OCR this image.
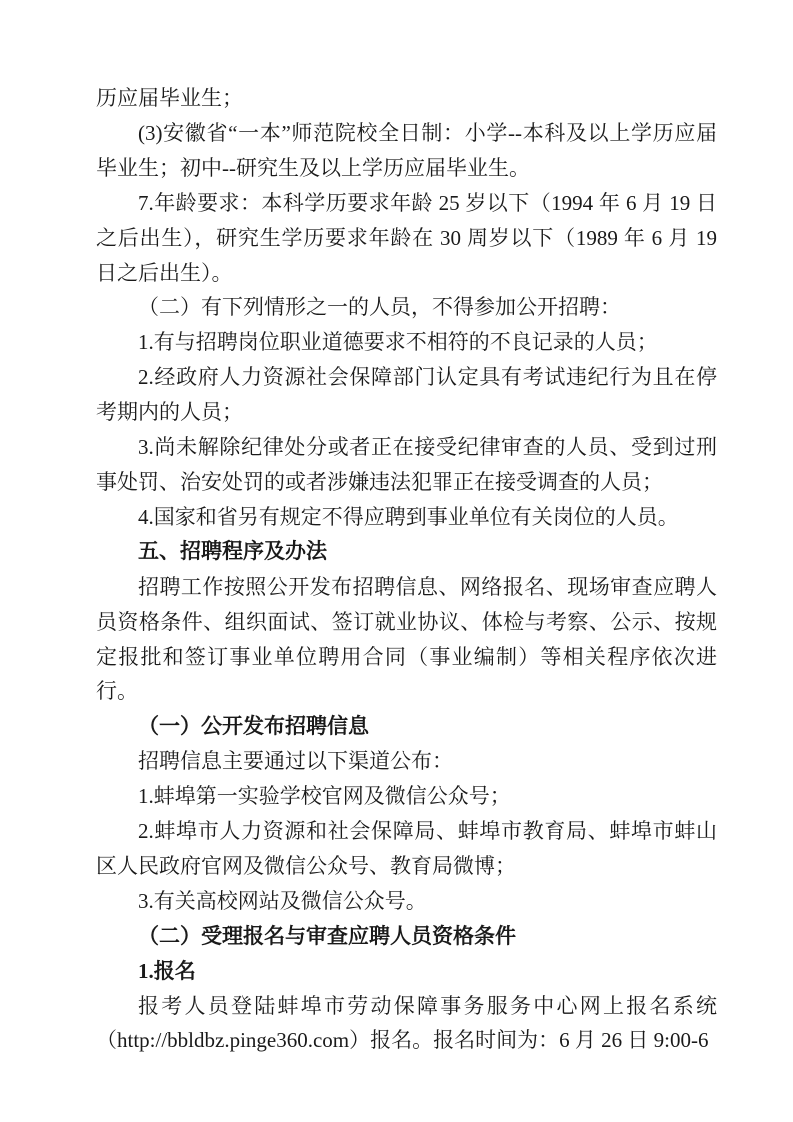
历应届毕业生；

(3)安徽省“一本”师范院校全日制：小学--本科及以上学历应届毕业生；初中--研究生及以上学历应届毕业生。

7.年龄要求：本科学历要求年龄 25 岁以下（1994 年 6 月 19 日之后出生），研究生学历要求年龄在 30 周岁以下（1989 年 6 月 19 日之后出生）。

（二）有下列情形之一的人员，不得参加公开招聘：

1.有与招聘岗位职业道德要求不相符的不良记录的人员；

2.经政府人力资源社会保障部门认定具有考试违纪行为且在停考期内的人员；

3.尚未解除纪律处分或者正在接受纪律审查的人员、受到过刑事处罚、治安处罚的或者涉嫌违法犯罪正在接受调查的人员；

4.国家和省另有规定不得应聘到事业单位有关岗位的人员。

五、招聘程序及办法

招聘工作按照公开发布招聘信息、网络报名、现场审查应聘人员资格条件、组织面试、签订就业协议、体检与考察、公示、按规定报批和签订事业单位聘用合同（事业编制）等相关程序依次进行。

（一）公开发布招聘信息

招聘信息主要通过以下渠道公布：

1.蚌埠第一实验学校官网及微信公众号；

2.蚌埠市人力资源和社会保障局、蚌埠市教育局、蚌埠市蚌山区人民政府官网及微信公众号、教育局微博；

3.有关高校网站及微信公众号。

（二）受理报名与审查应聘人员资格条件

1.报名

报考人员登陆蚌埠市劳动保障事务服务中心网上报名系统（http://bbldbz.pinge360.com）报名。报名时间为：6 月 26 日 9:00-6
